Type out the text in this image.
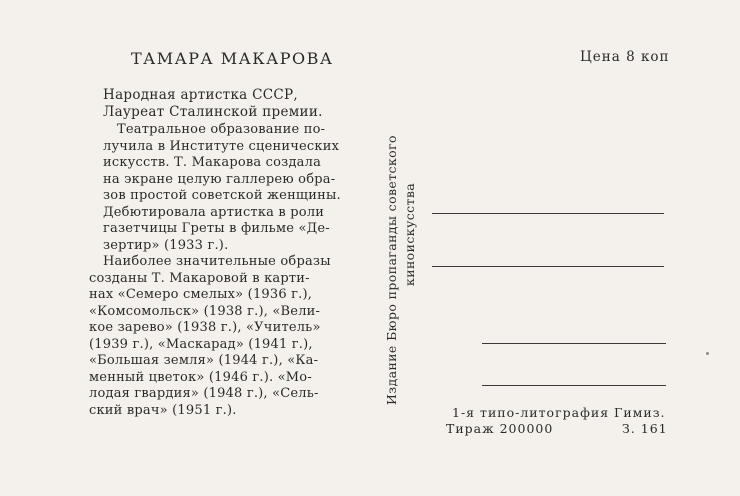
ТАМАРА МАКАРОВА
Народная артистка СССР,
Лауреат Сталинской премии.
Театральное образование по-
лучила в Институте сценических
искусств. Т. Макарова создала
на экране целую галлерею обра-
зов простой советской женщины.
Дебютировала артистка в роли
газетчицы Греты в фильме «Де-
зертир» (1933 г.).
Наиболее значительные образы
созданы Т. Макаровой в карти-
нах «Семеро смелых» (1936 г.),
«Комсомольск» (1938 г.), «Вели-
кое зарево» (1938 г.), «Учитель»
(1939 г.), «Маскарад» (1941 г.),
«Большая земля» (1944 г.), «Ка-
менный цветок» (1946 г.). «Мо-
лодая гвардия» (1948 г.), «Сель-
ский врач» (1951 г.).
Издание Бюро пропаганды советского киноискусства
Цена 8 коп
1-я типо-литография Гимиз.
Тираж 200000	З. 161
